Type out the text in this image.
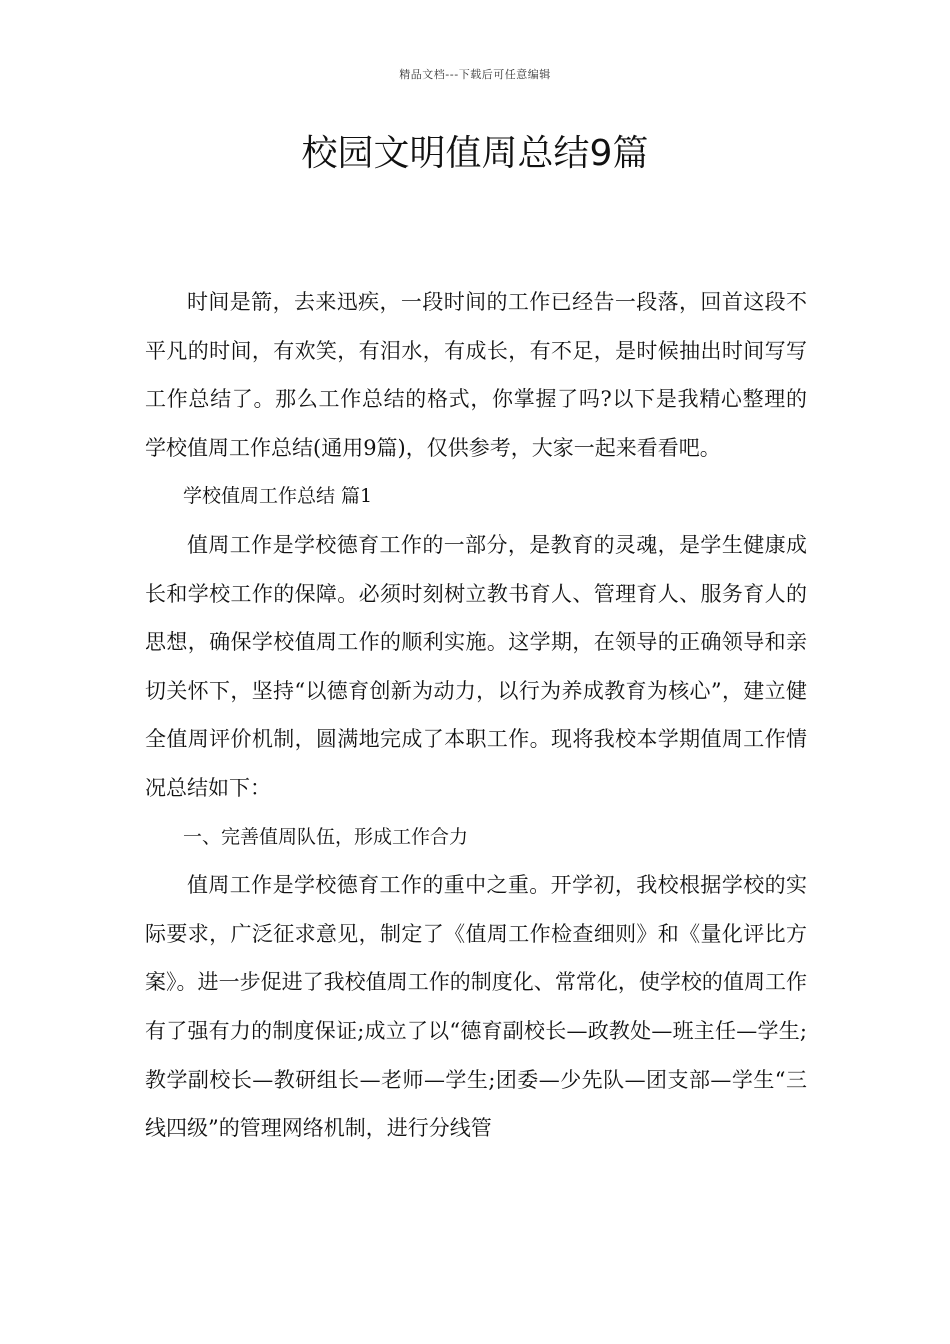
精品文档---下载后可任意编辑
校园文明值周总结9篇

时间是箭，去来迅疾，一段时间的工作已经告一段落，回首这段不平凡的时间，有欢笑，有泪水，有成长，有不足，是时候抽出时间写写工作总结了。那么工作总结的格式，你掌握了吗?以下是我精心整理的学校值周工作总结(通用9篇)，仅供参考，大家一起来看看吧。

学校值周工作总结 篇1

值周工作是学校德育工作的一部分，是教育的灵魂，是学生健康成长和学校工作的保障。必须时刻树立教书育人、管理育人、服务育人的思想，确保学校值周工作的顺利实施。这学期，在领导的正确领导和亲切关怀下，坚持“以德育创新为动力，以行为养成教育为核心”，建立健全值周评价机制，圆满地完成了本职工作。现将我校本学期值周工作情况总结如下：

一、完善值周队伍，形成工作合力

值周工作是学校德育工作的重中之重。开学初，我校根据学校的实际要求，广泛征求意见，制定了《值周工作检查细则》和《量化评比方案》。进一步促进了我校值周工作的制度化、常常化，使学校的值周工作有了强有力的制度保证;成立了以“德育副校长—政教处—班主任—学生;教学副校长—教研组长—老师—学生;团委—少先队—团支部—学生“三线四级”的管理网络机制，进行分线管
